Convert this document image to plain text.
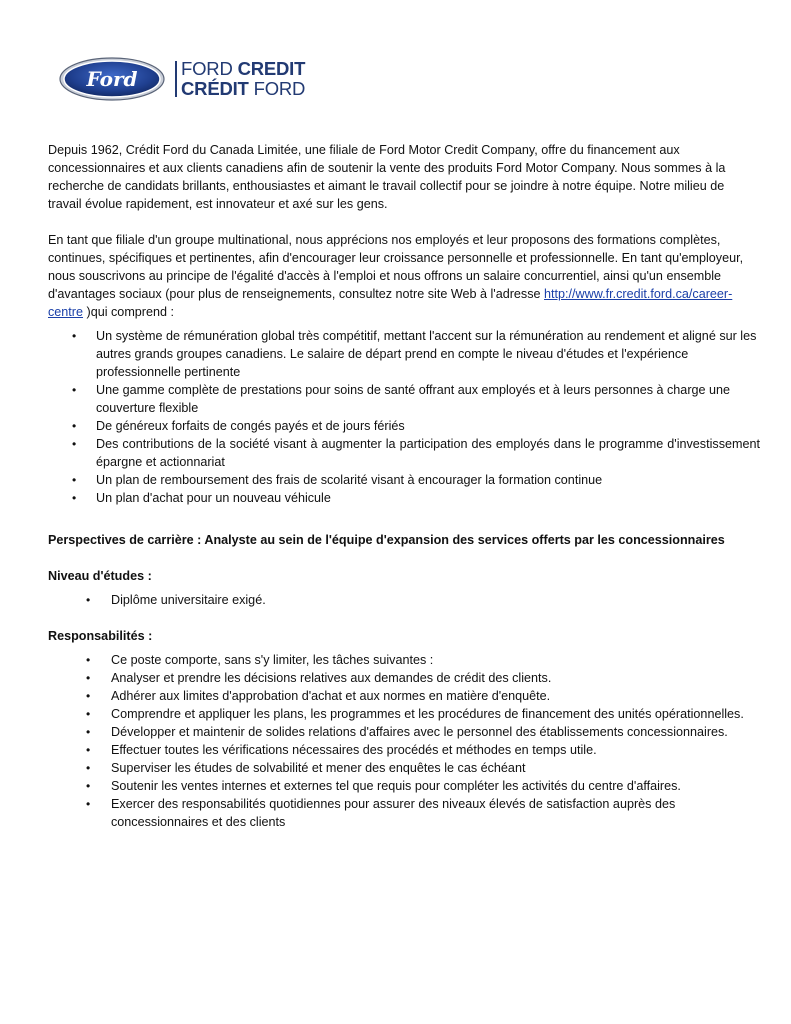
Ford FORD CREDIT
CRÉDIT FORD

Depuis 1962, Crédit Ford du Canada Limitée, une filiale de Ford Motor Credit Company, offre du financement aux concessionnaires et aux clients canadiens afin de soutenir la vente des produits Ford Motor Company. Nous sommes à la recherche de candidats brillants, enthousiastes et aimant le travail collectif pour se joindre à notre équipe. Notre milieu de travail évolue rapidement, est innovateur et axé sur les gens.

En tant que filiale d'un groupe multinational, nous apprécions nos employés et leur proposons des formations complètes, continues, spécifiques et pertinentes, afin d'encourager leur croissance personnelle et professionnelle. En tant qu'employeur, nous souscrivons au principe de l'égalité d'accès à l'emploi et nous offrons un salaire concurrentiel, ainsi qu'un ensemble d'avantages sociaux (pour plus de renseignements, consultez notre site Web à l'adresse http://www.fr.credit.ford.ca/career-centre )qui comprend :

• Un système de rémunération global très compétitif, mettant l'accent sur la rémunération au rendement et aligné sur les autres grands groupes canadiens. Le salaire de départ prend en compte le niveau d'études et l'expérience professionnelle pertinente
• Une gamme complète de prestations pour soins de santé offrant aux employés et à leurs personnes à charge une couverture flexible
• De généreux forfaits de congés payés et de jours fériés
• Des contributions de la société visant à augmenter la participation des employés dans le programme d'investissement épargne et actionnariat
• Un plan de remboursement des frais de scolarité visant à encourager la formation continue
• Un plan d'achat pour un nouveau véhicule

Perspectives de carrière : Analyste au sein de l'équipe d'expansion des services offerts par les concessionnaires

Niveau d'études :

• Diplôme universitaire exigé.

Responsabilités :

• Ce poste comporte, sans s'y limiter, les tâches suivantes :
• Analyser et prendre les décisions relatives aux demandes de crédit des clients.
• Adhérer aux limites d'approbation d'achat et aux normes en matière d'enquête.
• Comprendre et appliquer les plans, les programmes et les procédures de financement des unités opérationnelles.
• Développer et maintenir de solides relations d'affaires avec le personnel des établissements concessionnaires.
• Effectuer toutes les vérifications nécessaires des procédés et méthodes en temps utile.
• Superviser les études de solvabilité et mener des enquêtes le cas échéant
• Soutenir les ventes internes et externes tel que requis pour compléter les activités du centre d'affaires.
• Exercer des responsabilités quotidiennes pour assurer des niveaux élevés de satisfaction auprès des concessionnaires et des clients
